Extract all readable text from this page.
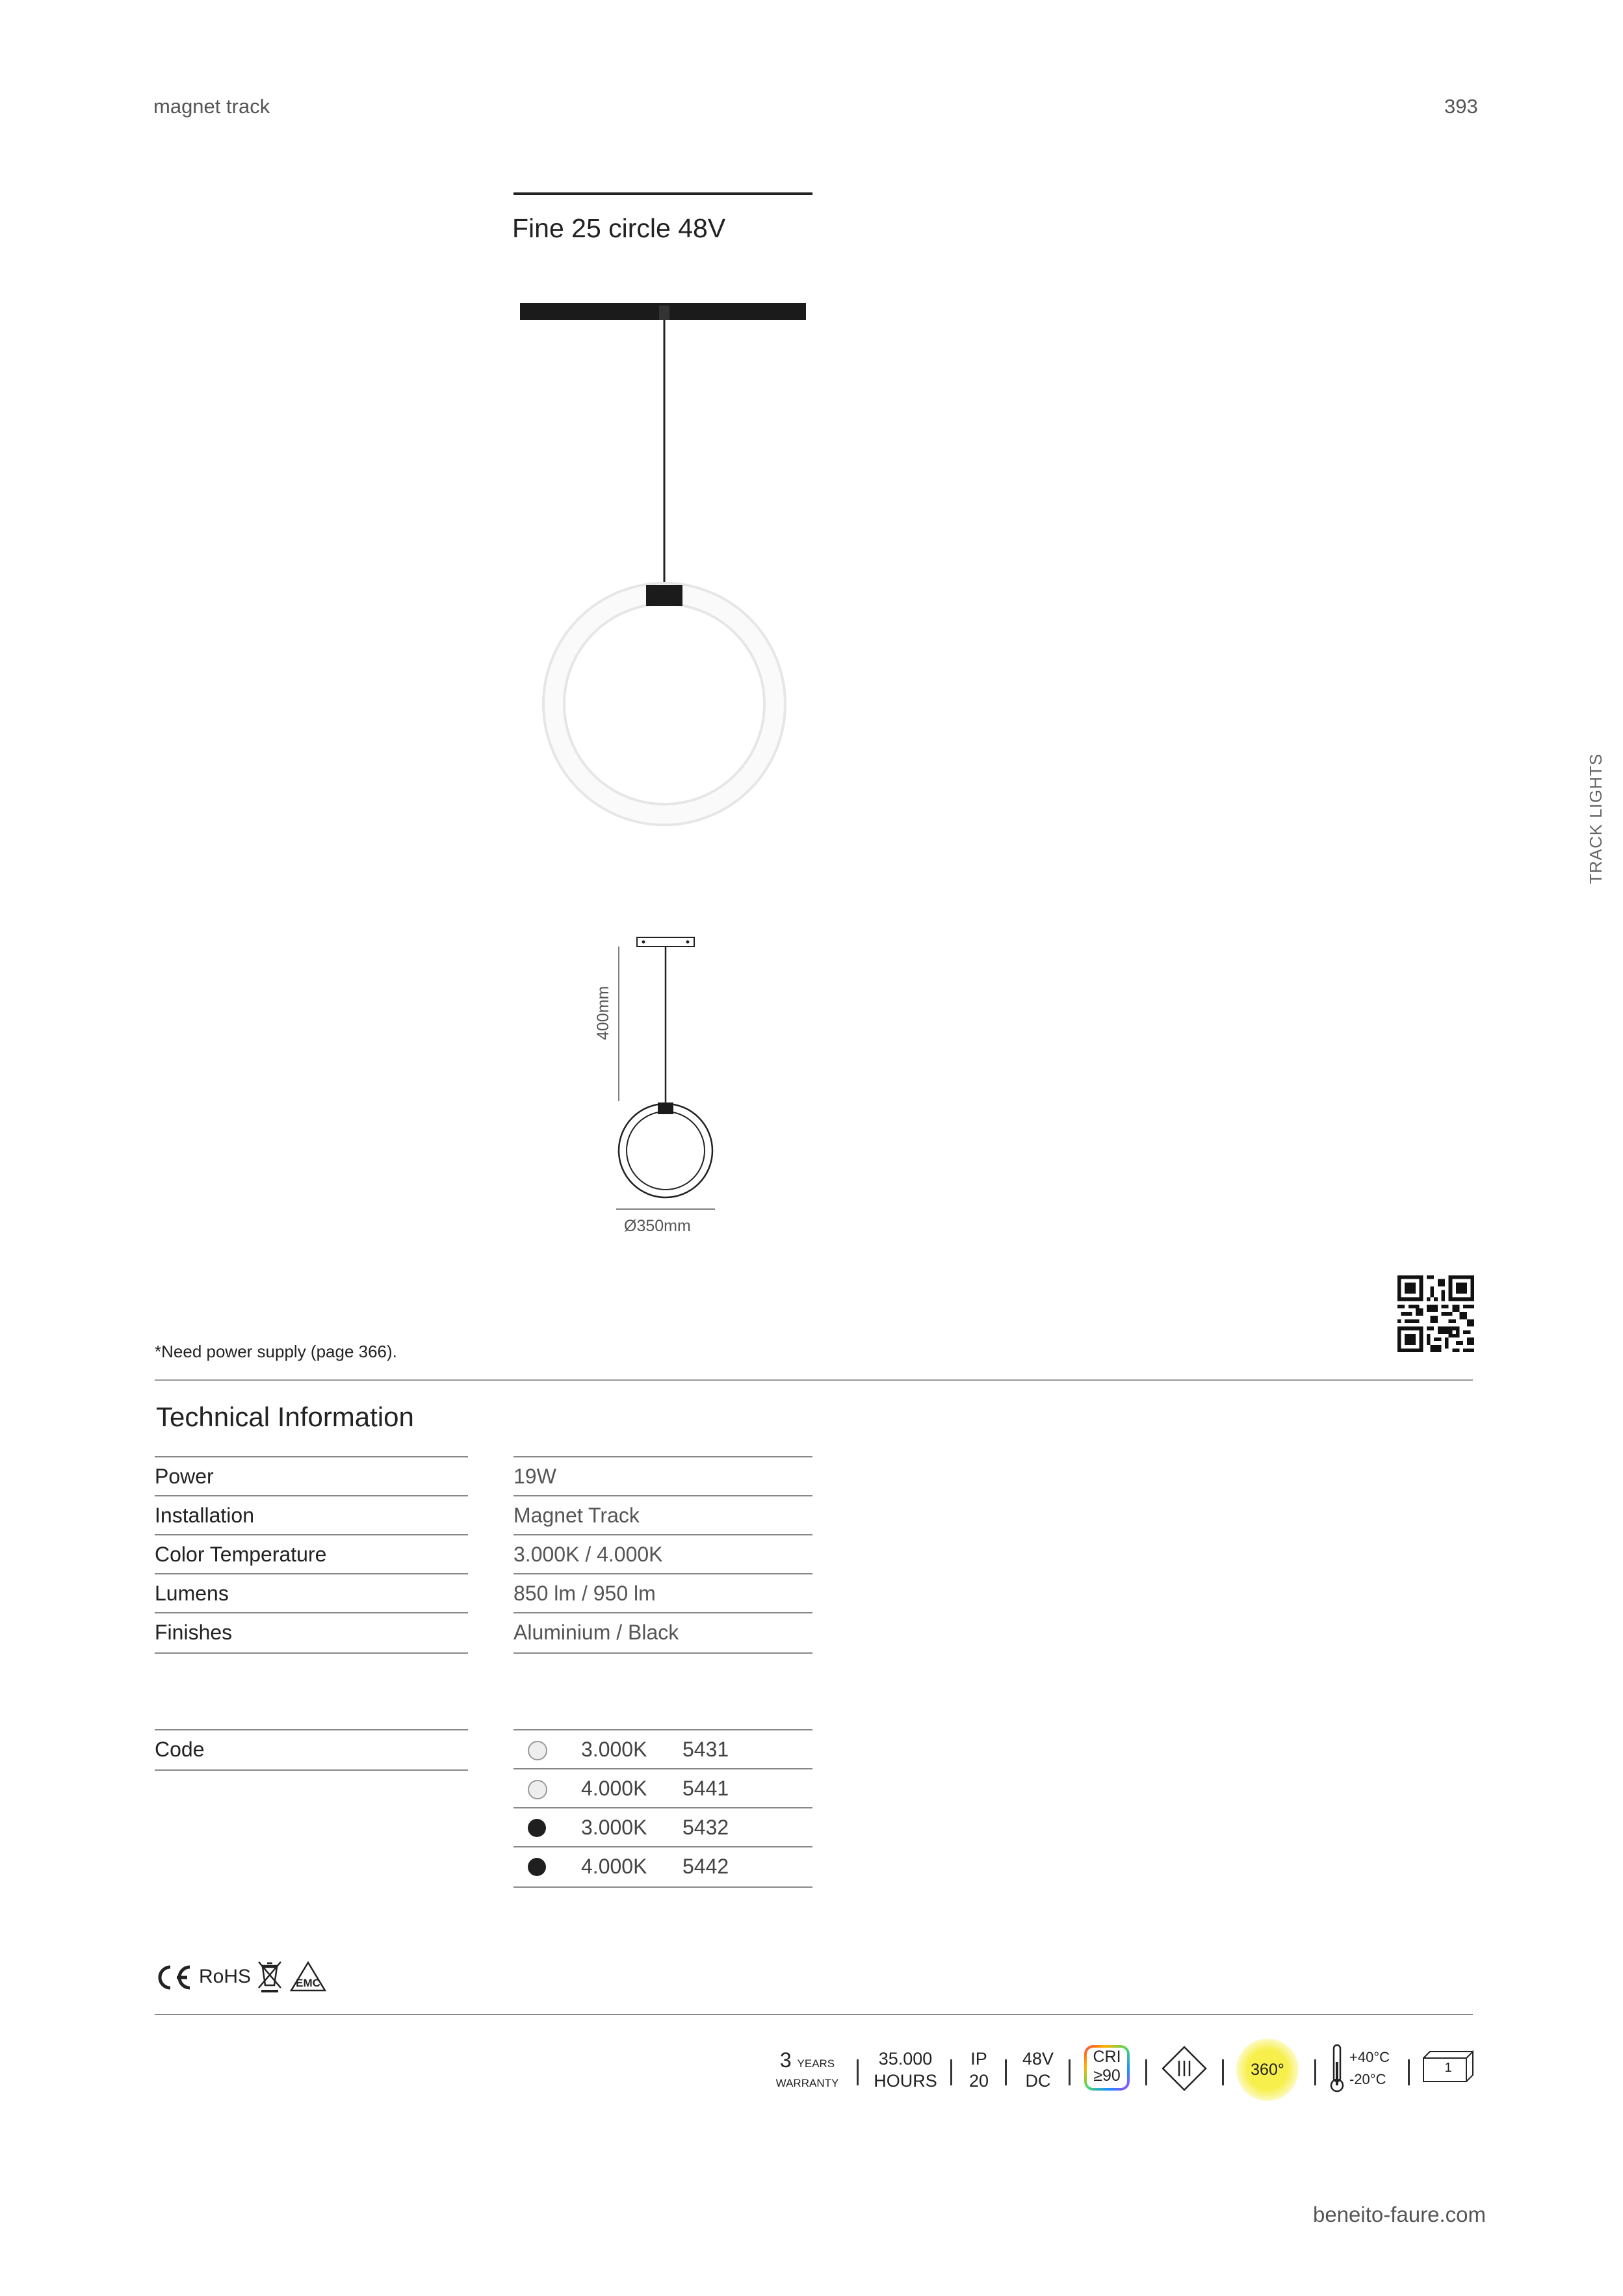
magnet track	393
Fine 25 circle 48V
TRACK LIGHTS
400mm
Ø350mm
*Need power supply (page 366).
Technical Information
Power	19W
Installation	Magnet Track
Color Temperature	3.000K / 4.000K
Lumens	850 lm / 950 lm
Finishes	Aluminium / Black
Code	3.000K 5431
4.000K 5441
3.000K 5432
4.000K 5442
RoHS	EMC
3 YEARS
WARRANTY
35.000
HOURS
IP
20
48V
DC
CRI
≥90	360°
+40°C
-20°C
1
beneito-faure.com
